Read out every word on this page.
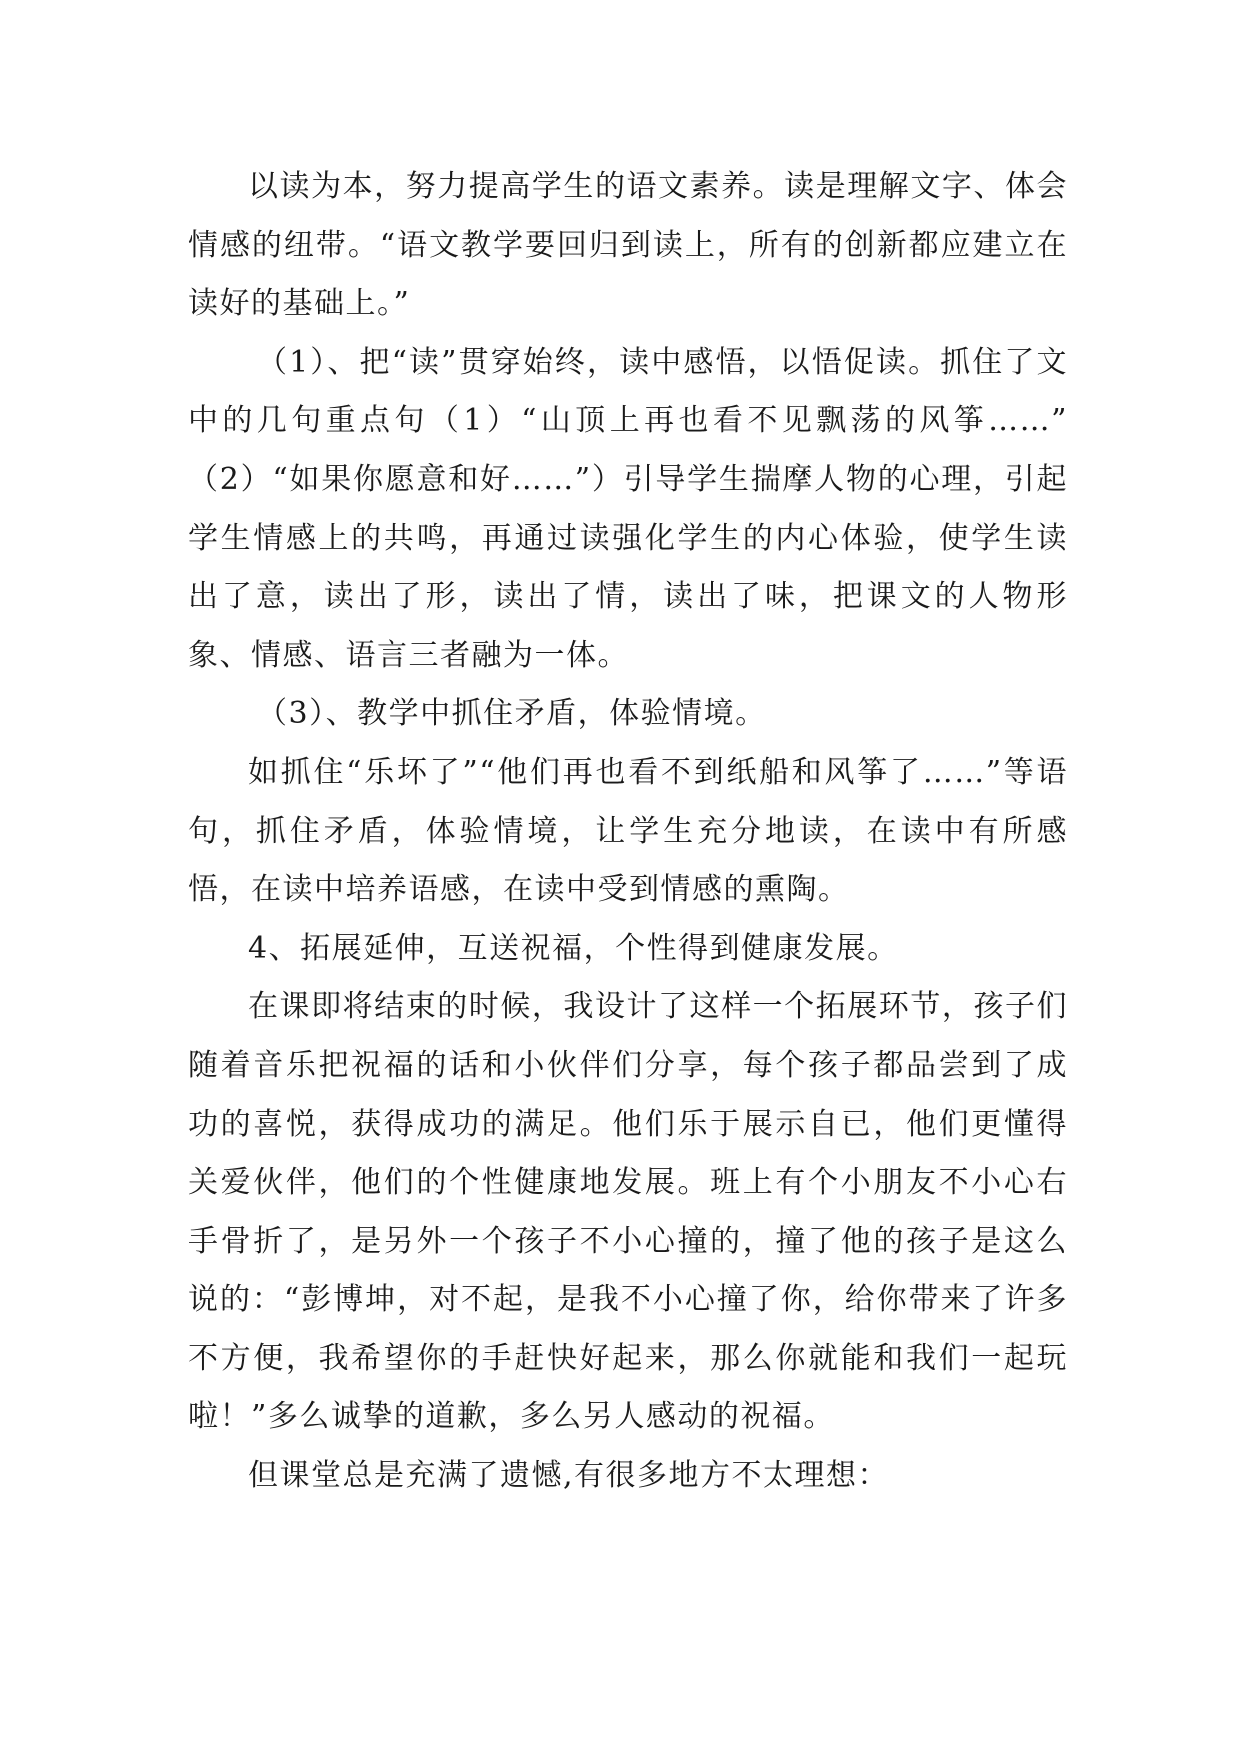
以读为本，努力提高学生的语文素养。读是理解文字、体会情感的纽带。“语文教学要回归到读上，所有的创新都应建立在读好的基础上。”

（1）、把“读”贯穿始终，读中感悟，以悟促读。抓住了文中的几句重点句（1）“山顶上再也看不见飘荡的风筝……”　（2）“如果你愿意和好……”）引导学生揣摩人物的心理，引起学生情感上的共鸣，再通过读强化学生的内心体验，使学生读出了意，读出了形，读出了情，读出了味，把课文的人物形象、情感、语言三者融为一体。

（3）、教学中抓住矛盾，体验情境。

如抓住“乐坏了”“他们再也看不到纸船和风筝了……”等语句，抓住矛盾，体验情境，让学生充分地读，在读中有所感悟，在读中培养语感，在读中受到情感的熏陶。

4、拓展延伸，互送祝福，个性得到健康发展。

在课即将结束的时候，我设计了这样一个拓展环节，孩子们随着音乐把祝福的话和小伙伴们分享，每个孩子都品尝到了成功的喜悦，获得成功的满足。他们乐于展示自已，他们更懂得关爱伙伴，他们的个性健康地发展。班上有个小朋友不小心右手骨折了，是另外一个孩子不小心撞的，撞了他的孩子是这么说的：“彭博坤，对不起，是我不小心撞了你，给你带来了许多不方便，我希望你的手赶快好起来，那么你就能和我们一起玩啦！”多么诚挚的道歉，多么另人感动的祝福。

但课堂总是充满了遗憾,有很多地方不太理想：
